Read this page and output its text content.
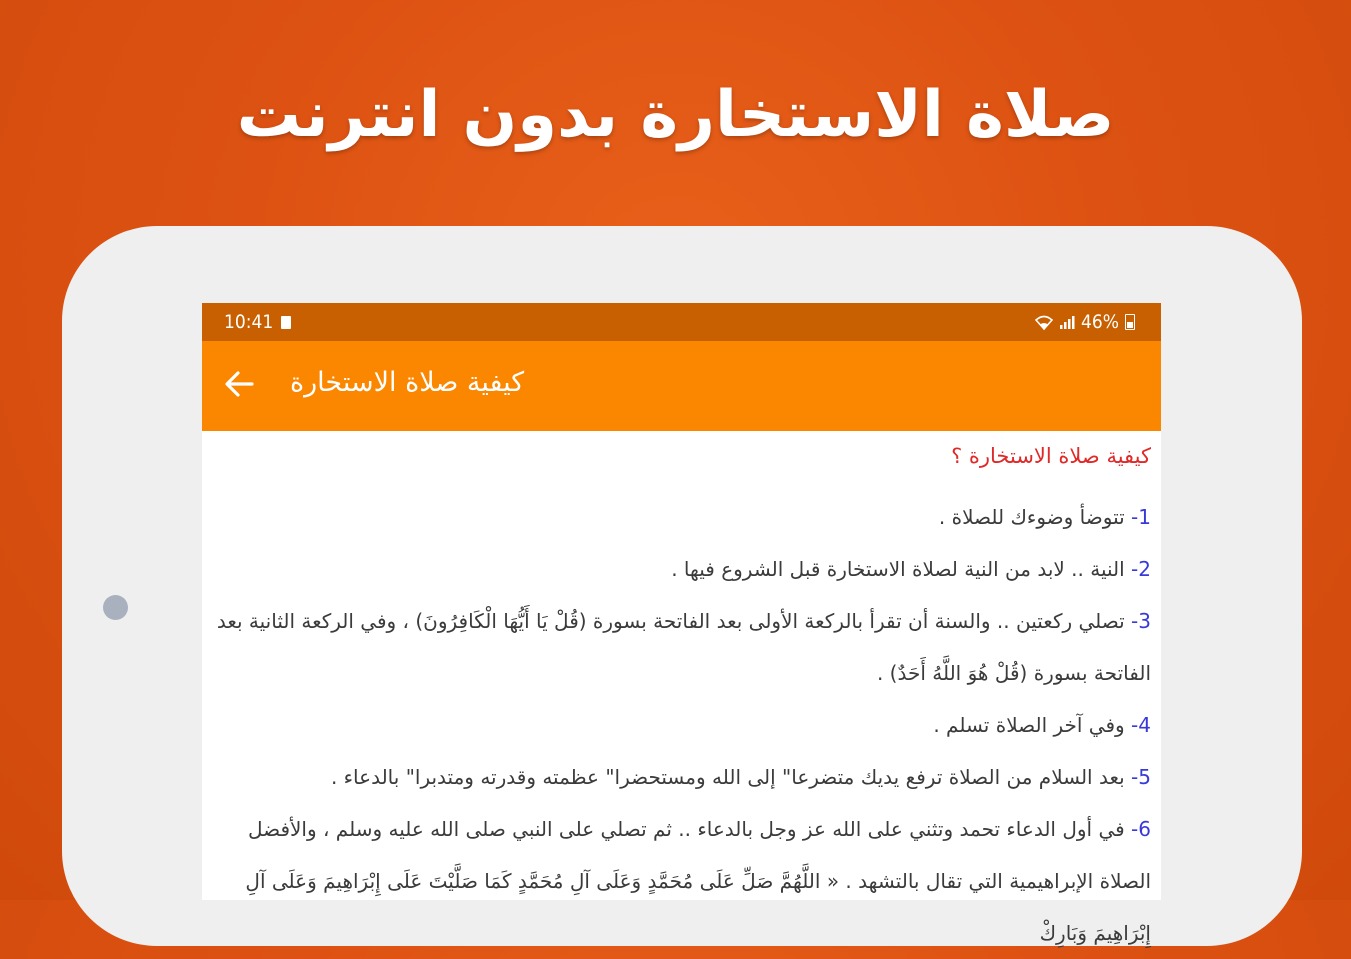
صلاة الاستخارة بدون انترنت
10:41	46%
كيفية صلاة الاستخارة

كيفية صلاة الاستخارة ؟

1- تتوضأ وضوءك للصلاة .

2- النية .. لابد من النية لصلاة الاستخارة قبل الشروع فيها .

3- تصلي ركعتين .. والسنة أن تقرأ بالركعة الأولى بعد الفاتحة بسورة (قُلْ يَا أَيُّهَا الْكَافِرُونَ) ، وفي الركعة الثانية بعد الفاتحة بسورة (قُلْ هُوَ اللَّهُ أَحَدٌ) .

4- وفي آخر الصلاة تسلم .

5- بعد السلام من الصلاة ترفع يديك متضرعا" إلى الله ومستحضرا" عظمته وقدرته ومتدبرا" بالدعاء .

6- في أول الدعاء تحمد وتثني على الله عز وجل بالدعاء .. ثم تصلي على النبي صلى الله عليه وسلم ، والأفضل الصلاة الإبراهيمية التي تقال بالتشهد . « اللَّهُمَّ صَلِّ عَلَى مُحَمَّدٍ وَعَلَى آلِ مُحَمَّدٍ كَمَا صَلَّيْتَ عَلَى إِبْرَاهِيمَ وَعَلَى آلِ إِبْرَاهِيمَ وَبَارِكْ
